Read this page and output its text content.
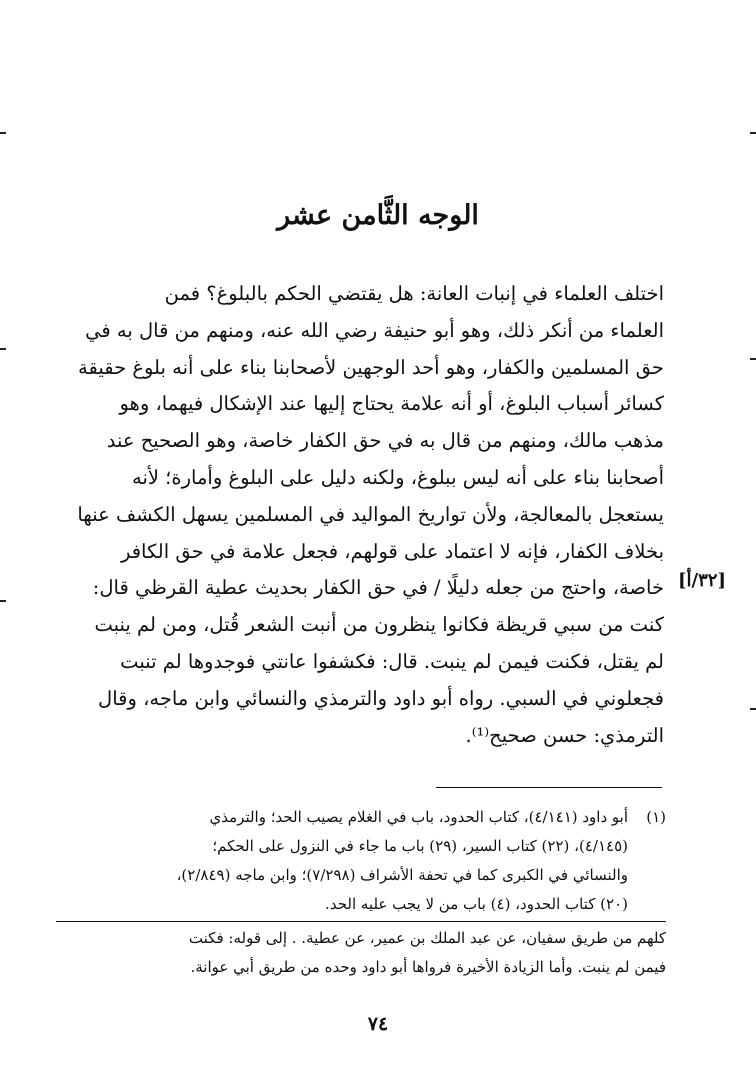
الوجه الثَّامن عشر
اختلف العلماء في إنبات العانة: هل يقتضي الحكم بالبلوغ؟ فمن
العلماء من أنكر ذلك، وهو أبو حنيفة رضي الله عنه، ومنهم من قال به في
حق المسلمين والكفار، وهو أحد الوجهين لأصحابنا بناء على أنه بلوغ حقيقة
كسائر أسباب البلوغ، أو أنه علامة يحتاج إليها عند الإشكال فيهما، وهو
مذهب مالك، ومنهم من قال به في حق الكفار خاصة، وهو الصحيح عند
أصحابنا بناء على أنه ليس ببلوغ، ولكنه دليل على البلوغ وأمارة؛ لأنه
يستعجل بالمعالجة، ولأن تواريخ المواليد في المسلمين يسهل الكشف عنها
بخلاف الكفار، فإنه لا اعتماد على قولهم، فجعل علامة في حق الكافر
خاصة، واحتج من جعله دليلًا / في حق الكفار بحديث عطية القرظي قال:
كنت من سبي قريظة فكانوا ينظرون من أنبت الشعر قُتل، ومن لم ينبت
لم يقتل، فكنت فيمن لم ينبت. قال: فكشفوا عانتي فوجدوها لم تنبت
فجعلوني في السبي. رواه أبو داود والترمذي والنسائي وابن ماجه، وقال
الترمذي: حسن صحيح⁽¹⁾.
[٣٢/أ]
(١)
أبو داود (٤/١٤١)، كتاب الحدود، باب في الغلام يصيب الحد؛ والترمذي
(٤/١٤٥)، (٢٢) كتاب السير، (٢٩) باب ما جاء في النزول على الحكم؛
والنسائي في الكبرى كما في تحفة الأشراف (٧/٢٩٨)؛ وابن ماجه (٢/٨٤٩)،
(٢٠) كتاب الحدود، (٤) باب من لا يجب عليه الحد.
كلهم من طريق سفيان، عن عبد الملك بن عمير، عن عطية. . إلى قوله: فكنت
فيمن لم ينبت. وأما الزيادة الأخيرة فرواها أبو داود وحده من طريق أبي عوانة.
٧٤
